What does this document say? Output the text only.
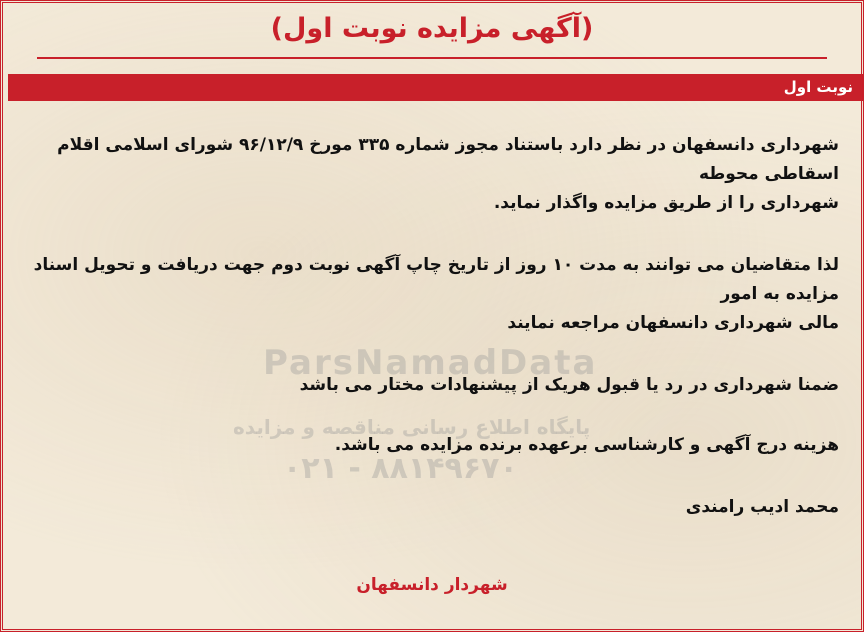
(آگهی مزایده نوبت اول)
نوبت اول
ParsNamadData
پایگاه اطلاع رسانی مناقصه و مزایده
۰۲۱ - ۸۸۱۴۹۶۷۰

شهرداری دانسفهان در نظر دارد باستناد مجوز شماره ۳۳۵ مورخ ۹۶/۱۲/۹ شورای اسلامی اقلام اسقاطی محوطه

شهرداری را از طریق مزایده واگذار نماید.

لذا متقاضیان می توانند به مدت ۱۰ روز از تاریخ چاپ آگهی نوبت دوم جهت دریافت و تحویل اسناد مزایده به امور

مالی شهرداری دانسفهان مراجعه نمایند

ضمنا شهرداری در رد یا قبول هریک از پیشنهادات مختار می باشد

هزینه درج آگهی و کارشناسی برعهده برنده مزایده می باشد.

محمد ادیب رامندی

شهردار دانسفهان
